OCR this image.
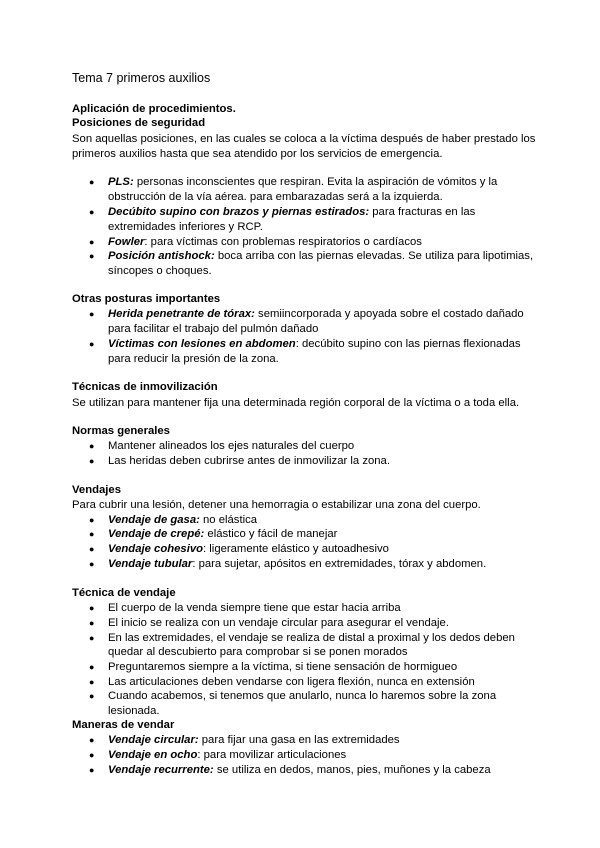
Tema 7 primeros auxilios
Aplicación de procedimientos.
Posiciones de seguridad
Son aquellas posiciones, en las cuales se coloca a la víctima después de haber prestado los
primeros auxilios hasta que sea atendido por los servicios de emergencia.
● PLS: personas inconscientes que respiran. Evita la aspiración de vómitos y la
obstrucción de la vía aérea. para embarazadas será a la izquierda.
● Decúbito supino con brazos y piernas estirados: para fracturas en las
extremidades inferiores y RCP.
● Fowler: para víctimas con problemas respiratorios o cardíacos
● Posición antishock: boca arriba con las piernas elevadas. Se utiliza para lipotimias,
síncopes o choques.
Otras posturas importantes
● Herida penetrante de tórax: semiincorporada y apoyada sobre el costado dañado
para facilitar el trabajo del pulmón dañado
● Víctimas con lesiones en abdomen: decúbito supino con las piernas flexionadas
para reducir la presión de la zona.
Técnicas de inmovilización
Se utilizan para mantener fija una determinada región corporal de la víctima o a toda ella.
Normas generales
● Mantener alineados los ejes naturales del cuerpo
● Las heridas deben cubrirse antes de inmovilizar la zona.
Vendajes
Para cubrir una lesión, detener una hemorragia o estabilizar una zona del cuerpo.
● Vendaje de gasa: no elástica
● Vendaje de crepé: elástico y fácil de manejar
● Vendaje cohesivo: ligeramente elástico y autoadhesivo
● Vendaje tubular: para sujetar, apósitos en extremidades, tórax y abdomen.
Técnica de vendaje
● El cuerpo de la venda siempre tiene que estar hacia arriba
● El inicio se realiza con un vendaje circular para asegurar el vendaje.
● En las extremidades, el vendaje se realiza de distal a proximal y los dedos deben
quedar al descubierto para comprobar si se ponen morados
● Preguntaremos siempre a la víctima, si tiene sensación de hormigueo
● Las articulaciones deben vendarse con ligera flexión, nunca en extensión
● Cuando acabemos, si tenemos que anularlo, nunca lo haremos sobre la zona
lesionada.
Maneras de vendar
● Vendaje circular: para fijar una gasa en las extremidades
● Vendaje en ocho: para movilizar articulaciones
● Vendaje recurrente: se utiliza en dedos, manos, pies, muñones y la cabeza
